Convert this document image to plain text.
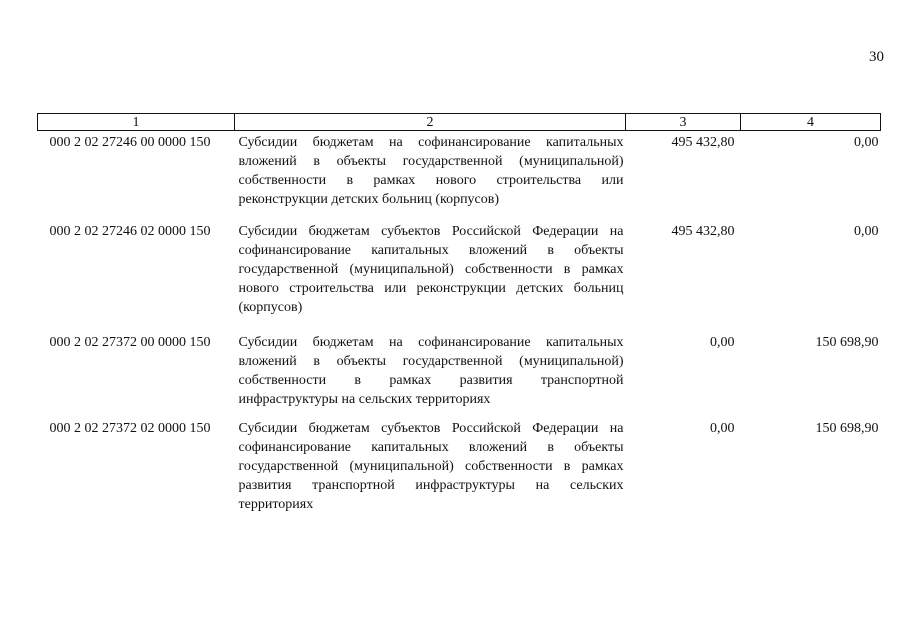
30
1	2	3	4
000 2 02 27246 00 0000 150	Субсидии бюджетам на софинансирование капитальных вложений в объекты государственной (муниципальной) собственности в рамках нового строительства или реконструкции детских больниц (корпусов)	495 432,80	0,00
000 2 02 27246 02 0000 150	Субсидии бюджетам субъектов Российской Федерации на софинансирование капитальных вложений в объекты государственной (муниципальной) собственности в рамках нового строительства или реконструкции детских больниц (корпусов)	495 432,80	0,00
000 2 02 27372 00 0000 150	Субсидии бюджетам на софинансирование капитальных вложений в объекты государственной (муниципальной) собственности в рамках развития транспортной инфраструктуры на сельских территориях	0,00	150 698,90
000 2 02 27372 02 0000 150	Субсидии бюджетам субъектов Российской Федерации на софинансирование капитальных вложений в объекты государственной (муниципальной) собственности в рамках развития транспортной инфраструктуры на сельских территориях	0,00	150 698,90
